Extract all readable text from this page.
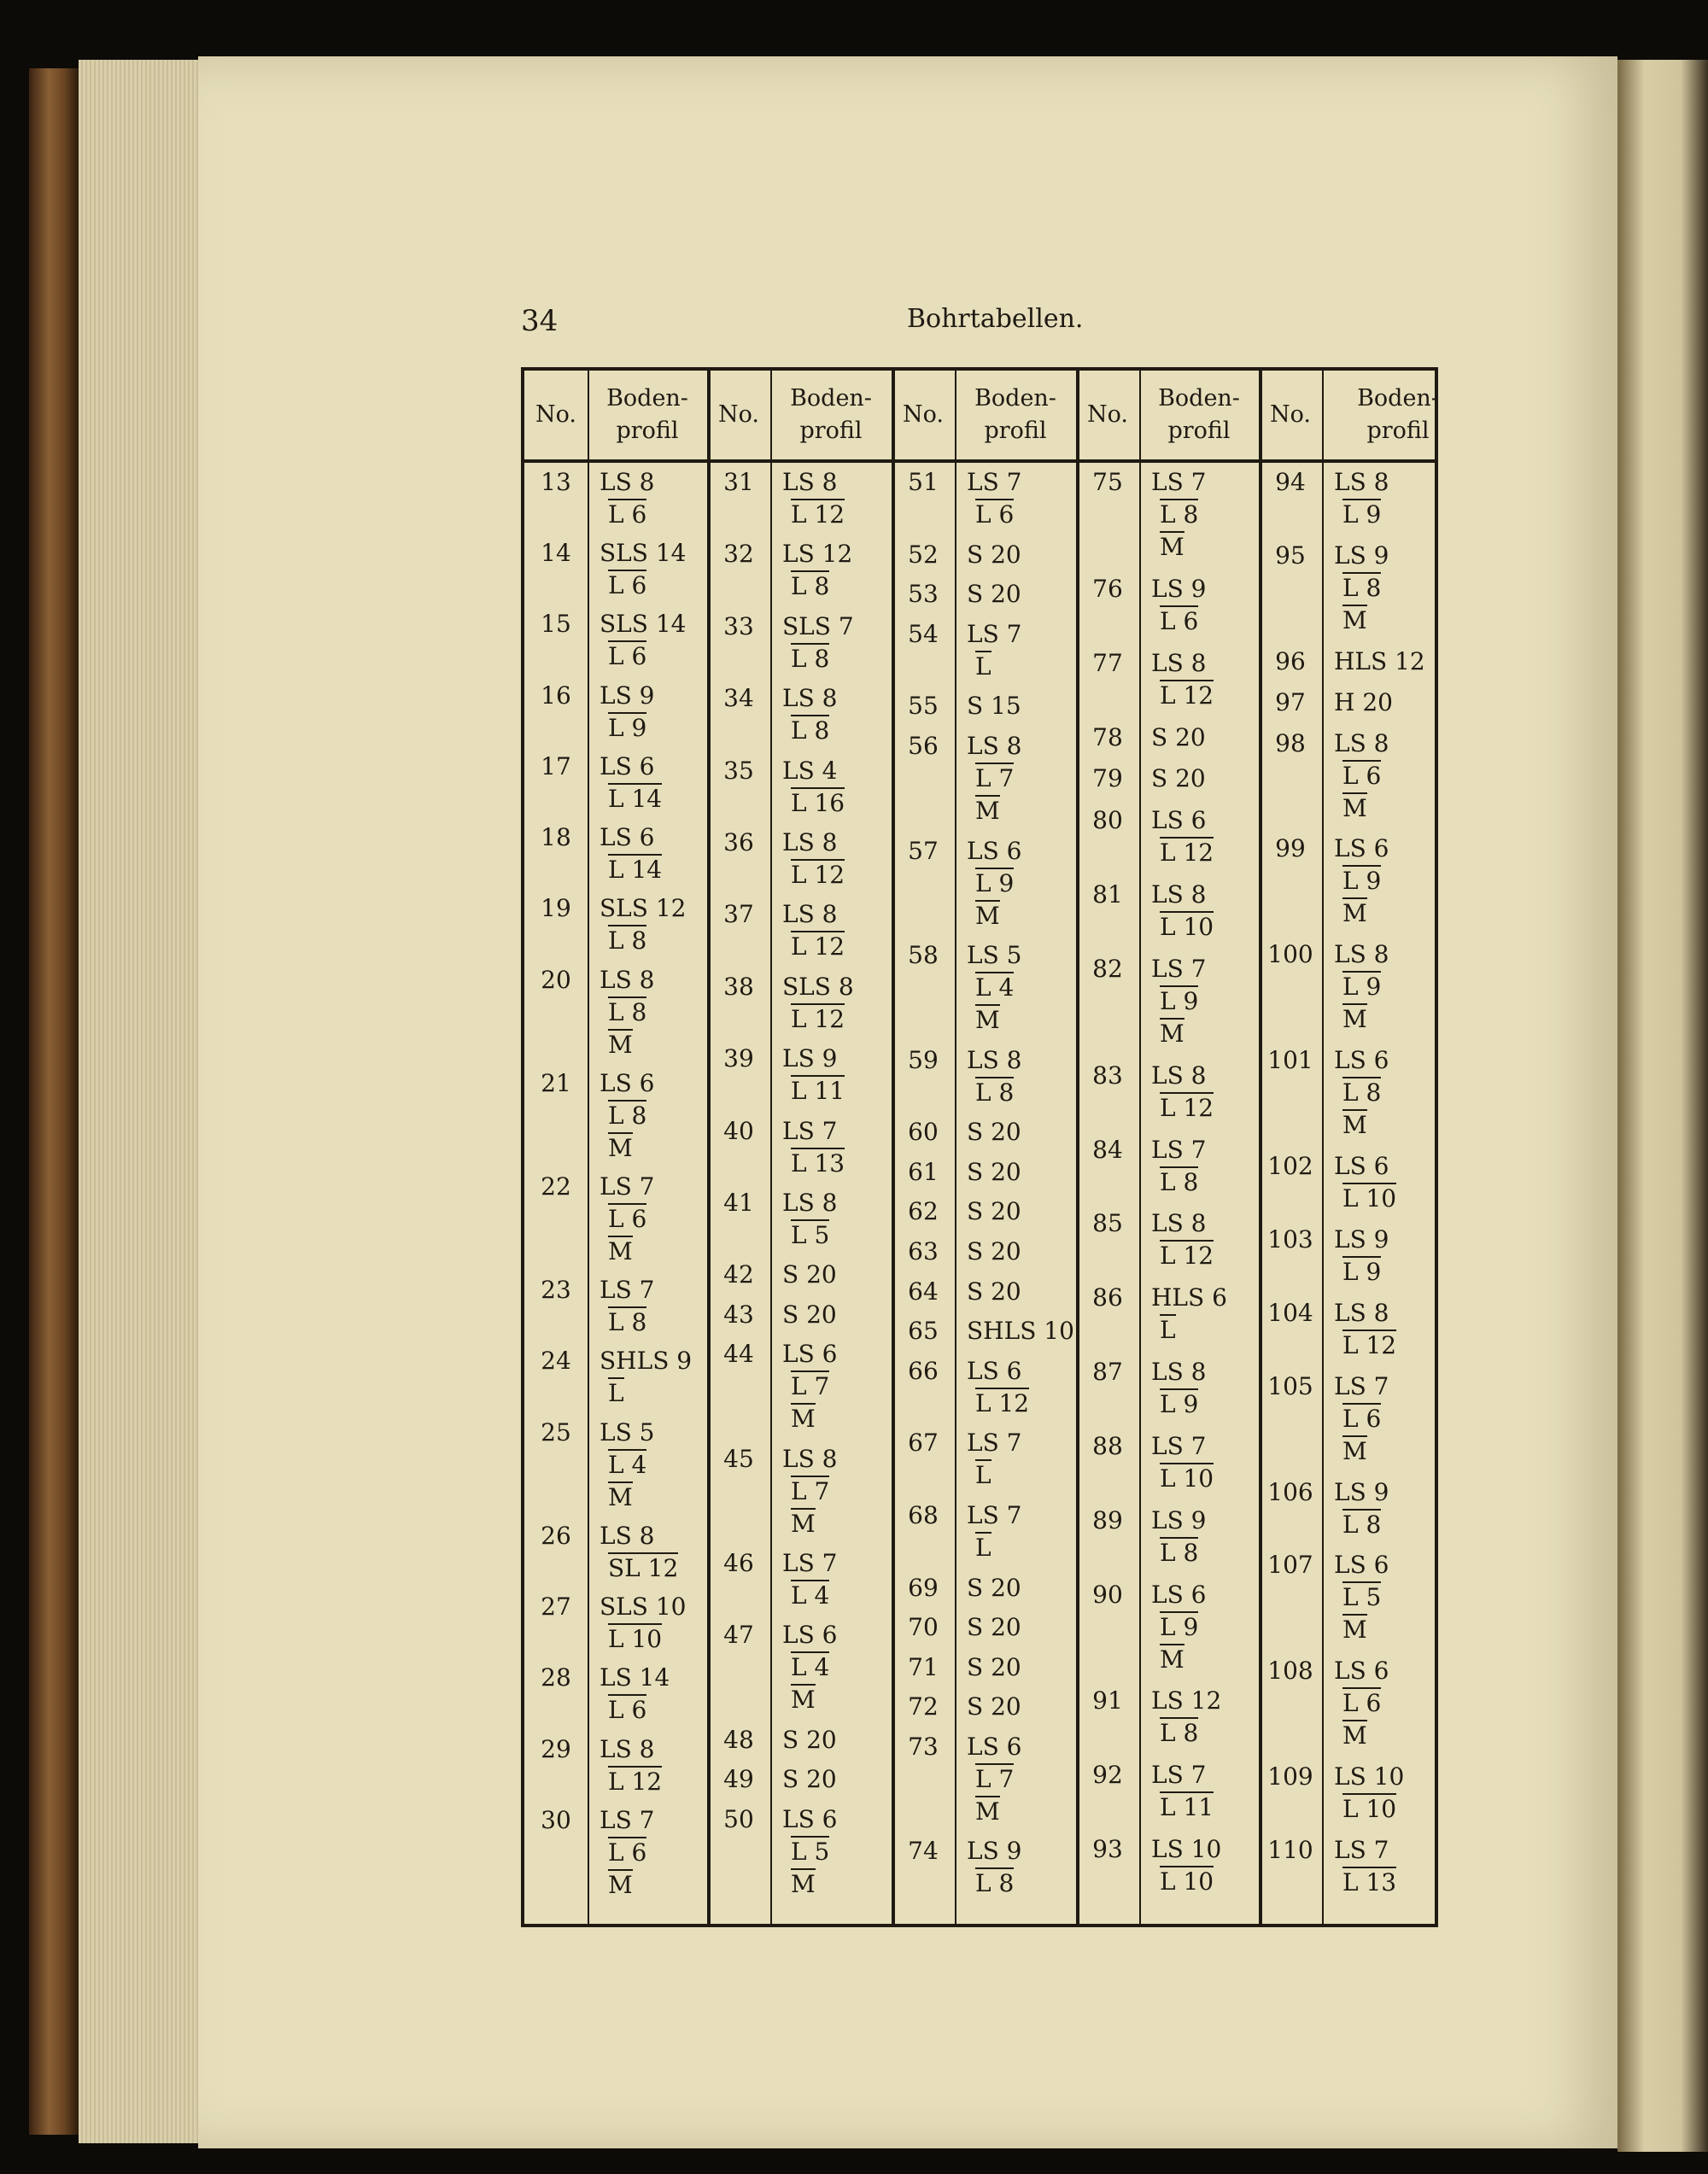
34	Bohrtabellen.
No.
Boden-
profil
No.
Boden-
profil
No.
Boden-
profil
No.
Boden-
profil
No.
Boden-
profil
13	LS 8
L 6
14	SLS 14
L 6
15	SLS 14
L 6
16	LS 9
L 9
17	LS 6
L 14
18	LS 6
L 14
19	SLS 12
L 8
20	LS 8
L 8
M
21	LS 6
L 8
M
22	LS 7
L 6
M
23	LS 7
L 8
24	SHLS 9
L
25	LS 5
L 4
M
26	LS 8
SL 12
27	SLS 10
L 10
28	LS 14
L 6
29	LS 8
L 12
30	LS 7
L 6
M
31	LS 8
L 12
32	LS 12
L 8
33	SLS 7
L 8
34	LS 8
L 8
35	LS 4
L 16
36	LS 8
L 12
37	LS 8
L 12
38	SLS 8
L 12
39	LS 9
L 11
40	LS 7
L 13
41	LS 8
L 5
42	S 20
43	S 20
44	LS 6
L 7
M
45	LS 8
L 7
M
46	LS 7
L 4
47	LS 6
L 4
M
48	S 20
49	S 20
50	LS 6
L 5
M
51	LS 7
L 6
52	S 20
53	S 20
54	LS 7
L
55	S 15
56	LS 8
L 7
M
57	LS 6
L 9
M
58	LS 5
L 4
M
59	LS 8
L 8
60	S 20
61	S 20
62	S 20
63	S 20
64	S 20
65	SHLS 10
66	LS 6
L 12
67	LS 7
L
68	LS 7
L
69	S 20
70	S 20
71	S 20
72	S 20
73	LS 6
L 7
M
74	LS 9
L 8
75	LS 7
L 8
M
76	LS 9
L 6
77	LS 8
L 12
78	S 20
79	S 20
80	LS 6
L 12
81	LS 8
L 10
82	LS 7
L 9
M
83	LS 8
L 12
84	LS 7
L 8
85	LS 8
L 12
86	HLS 6
L
87	LS 8
L 9
88	LS 7
L 10
89	LS 9
L 8
90	LS 6
L 9
M
91	LS 12
L 8
92	LS 7
L 11
93	LS 10
L 10
94	LS 8
L 9
95	LS 9
L 8
M
96	HLS 12
97	H 20
98	LS 8
L 6
M
99	LS 6
L 9
M
100 LS 8
L 9
M
101 LS 6
L 8
M
102 LS 6
L 10
103 LS 9
L 9
104 LS 8
L 12
105 LS 7
L 6
M
106 LS 9
L 8
107 LS 6
L 5
M
108 LS 6
L 6
M
109 LS 10
L 10
110 LS 7
L 13
